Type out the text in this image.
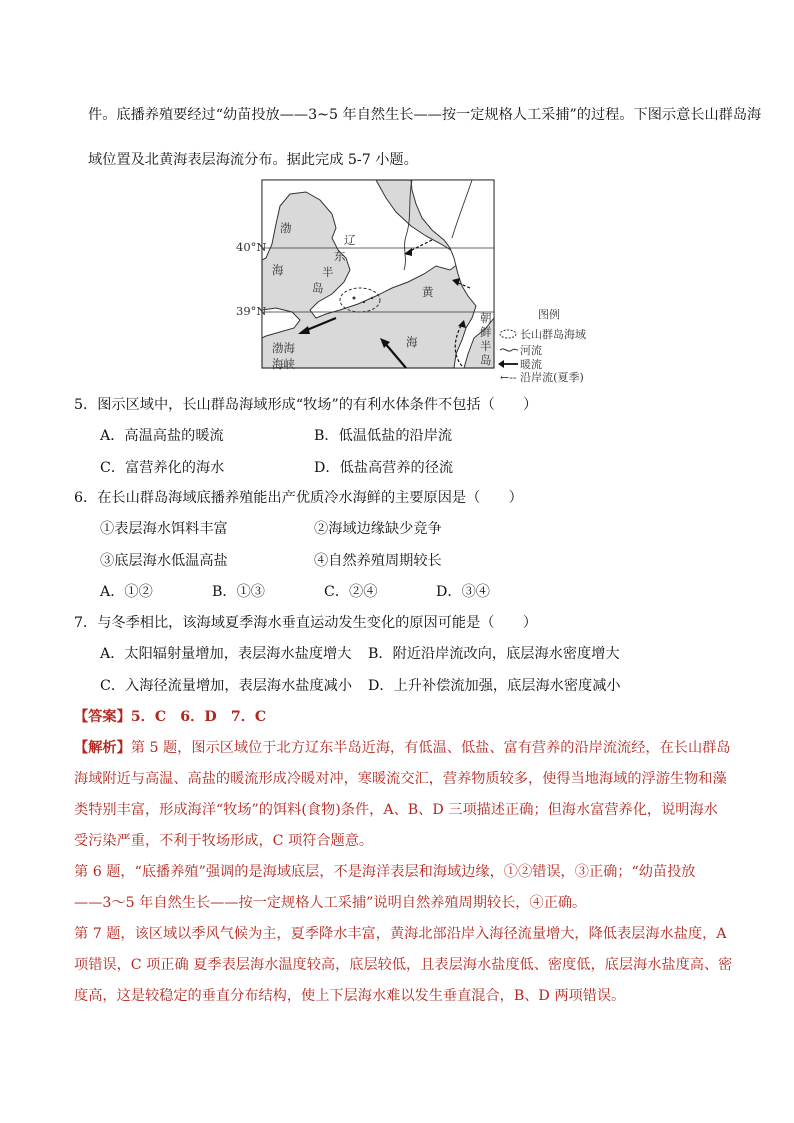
件。底播养殖要经过“幼苗投放——3~5 年自然生长——按一定规格人工采捕”的过程。下图示意长山群岛海
域位置及北黄海表层海流分布。据此完成 5-7 小题。
40°N
39°N
渤
海
辽
东
半
岛	黄
海
渤海
海峡
朝
鲜
半
岛
图例
长山群岛海域
河流
暖流
←‐‐ 沿岸流(夏季)
5．图示区域中，长山群岛海域形成“牧场”的有利水体条件不包括（　　）
A．高温高盐的暖流	B．低温低盐的沿岸流
C．富营养化的海水	D．低盐高营养的径流
6．在长山群岛海域底播养殖能出产优质冷水海鲜的主要原因是（　　）
①表层海水饵料丰富	②海域边缘缺少竞争
③底层海水低温高盐	④自然养殖周期较长
A．①②	B．①③	C．②④	D．③④
7．与冬季相比，该海域夏季海水垂直运动发生变化的原因可能是（　　）
A．太阳辐射量增加，表层海水盐度增大 B．附近沿岸流改向，底层海水密度增大
C．入海径流量增加，表层海水盐度减小 D．上升补偿流加强，底层海水密度减小
【答案】5．C　6．D　7．C
【解析】第 5 题，图示区域位于北方辽东半岛近海，有低温、低盐、富有营养的沿岸流流经，在长山群岛
海域附近与高温、高盐的暖流形成冷暖对冲，寒暖流交汇，营养物质较多，使得当地海域的浮游生物和藻
类特别丰富，形成海洋“牧场”的饵料(食物)条件，A、B、D 三项描述正确；但海水富营养化，说明海水
受污染严重，不利于牧场形成，C 项符合题意。
第 6 题，“底播养殖”强调的是海域底层，不是海洋表层和海域边缘，①②错误，③正确；“幼苗投放
——3～5 年自然生长——按一定规格人工采捕”说明自然养殖周期较长，④正确。
第 7 题，该区域以季风气候为主，夏季降水丰富，黄海北部沿岸入海径流量增大，降低表层海水盐度，A
项错误，C 项正确 夏季表层海水温度较高，底层较低，且表层海水盐度低、密度低，底层海水盐度高、密
度高，这是较稳定的垂直分布结构，使上下层海水难以发生垂直混合，B、D 两项错误。
